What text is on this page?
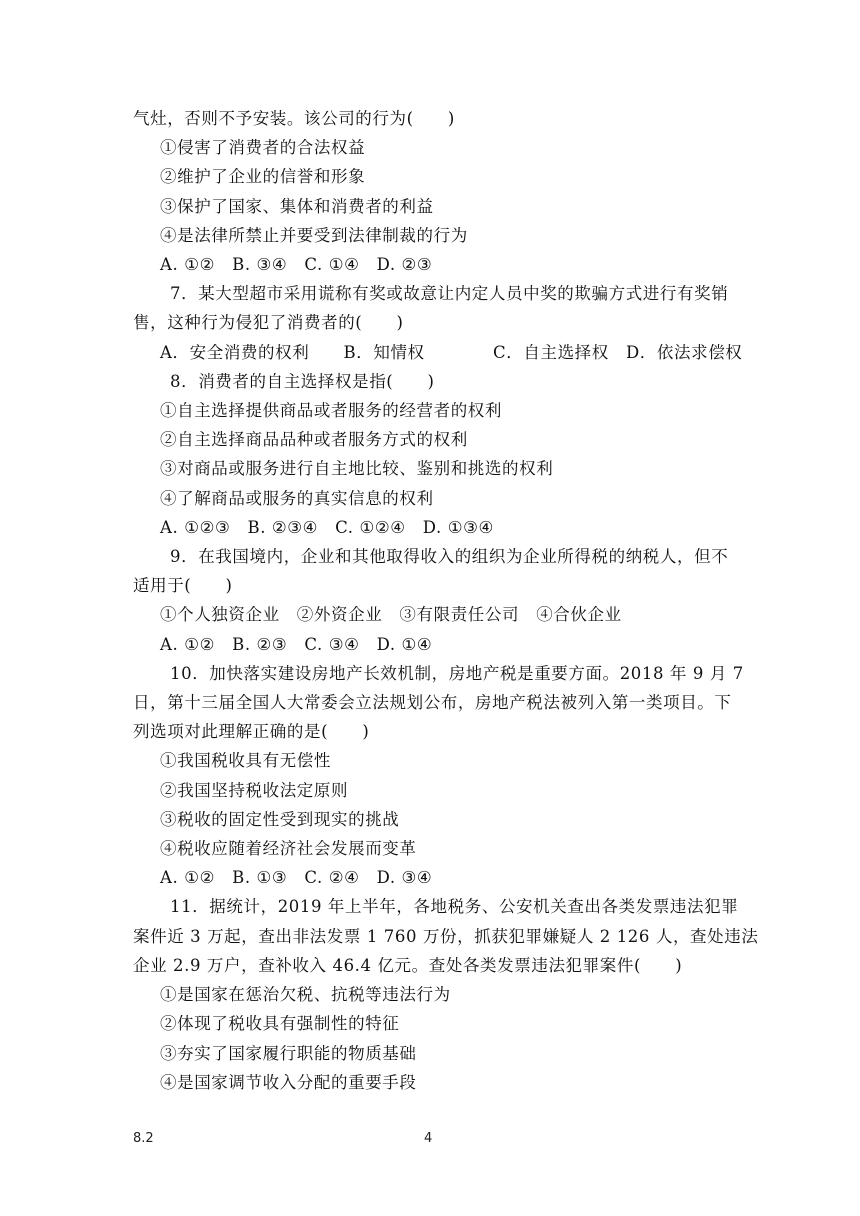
气灶，否则不予安装。该公司的行为(　　)
①侵害了消费者的合法权益
②维护了企业的信誉和形象
③保护了国家、集体和消费者的利益
④是法律所禁止并要受到法律制裁的行为
A. ①②　B. ③④　C. ①④　D. ②③
7．某大型超市采用谎称有奖或故意让内定人员中奖的欺骗方式进行有奖销
售，这种行为侵犯了消费者的(　　)
A．安全消费的权利　　B．知情权　　　　C．自主选择权　D．依法求偿权
8．消费者的自主选择权是指(　　)
①自主选择提供商品或者服务的经营者的权利
②自主选择商品品种或者服务方式的权利
③对商品或服务进行自主地比较、鉴别和挑选的权利
④了解商品或服务的真实信息的权利
A. ①②③　B. ②③④　C. ①②④　D. ①③④
9．在我国境内，企业和其他取得收入的组织为企业所得税的纳税人，但不
适用于(　　)
①个人独资企业　②外资企业　③有限责任公司　④合伙企业
A. ①②　B. ②③　C. ③④　D. ①④
10．加快落实建设房地产长效机制，房地产税是重要方面。2018 年 9 月 7
日，第十三届全国人大常委会立法规划公布，房地产税法被列入第一类项目。下
列选项对此理解正确的是(　　)
①我国税收具有无偿性
②我国坚持税收法定原则
③税收的固定性受到现实的挑战
④税收应随着经济社会发展而变革
A. ①②　B. ①③　C. ②④　D. ③④
11．据统计，2019 年上半年，各地税务、公安机关查出各类发票违法犯罪
案件近 3 万起，查出非法发票 1 760 万份，抓获犯罪嫌疑人 2 126 人，查处违法
企业 2.9 万户，查补收入 46.4 亿元。查处各类发票违法犯罪案件(　　)
①是国家在惩治欠税、抗税等违法行为
②体现了税收具有强制性的特征
③夯实了国家履行职能的物质基础
④是国家调节收入分配的重要手段
8.2	4
